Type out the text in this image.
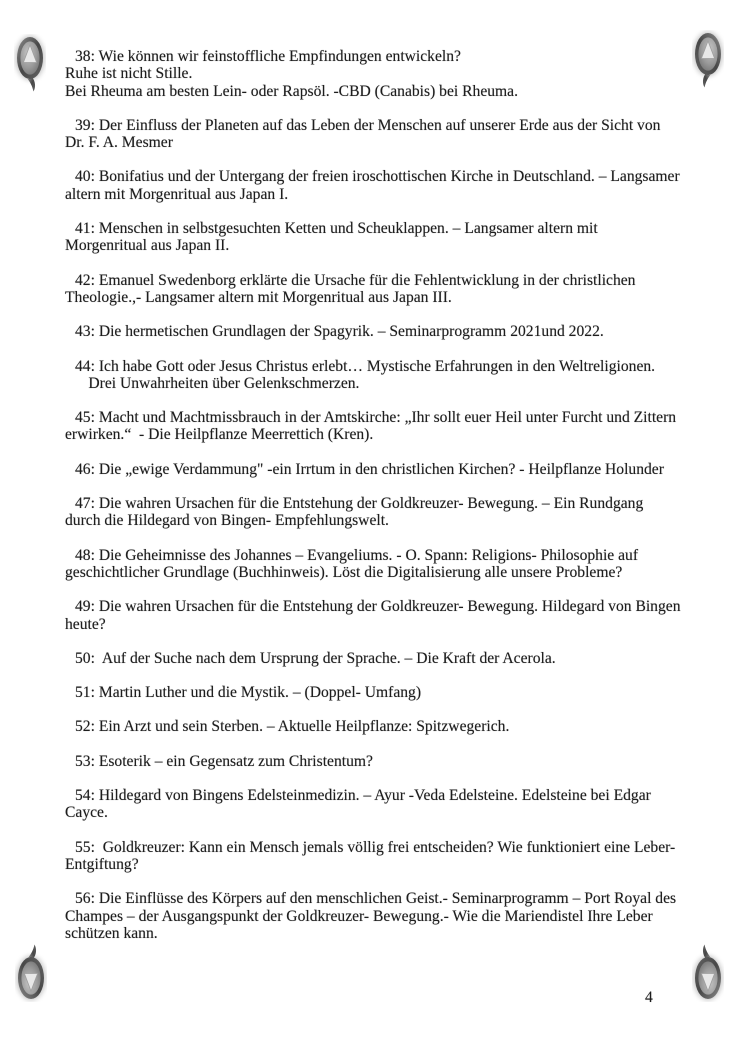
38: Wie können wir feinstoffliche Empfindungen entwickeln?
Ruhe ist nicht Stille.
Bei Rheuma am besten Lein- oder Rapsöl. -CBD (Canabis) bei Rheuma.

39: Der Einfluss der Planeten auf das Leben der Menschen auf unserer Erde aus der Sicht von
Dr. F. A. Mesmer

40: Bonifatius und der Untergang der freien iroschottischen Kirche in Deutschland. – Langsamer
altern mit Morgenritual aus Japan I.

41: Menschen in selbstgesuchten Ketten und Scheuklappen. – Langsamer altern mit
Morgenritual aus Japan II.

42: Emanuel Swedenborg erklärte die Ursache für die Fehlentwicklung in der christlichen
Theologie.,- Langsamer altern mit Morgenritual aus Japan III.

43: Die hermetischen Grundlagen der Spagyrik. – Seminarprogramm 2021und 2022.

44: Ich habe Gott oder Jesus Christus erlebt… Mystische Erfahrungen in den Weltreligionen.
Drei Unwahrheiten über Gelenkschmerzen.

45: Macht und Machtmissbrauch in der Amtskirche: „Ihr sollt euer Heil unter Furcht und Zittern
erwirken.“  - Die Heilpflanze Meerrettich (Kren).

46: Die „ewige Verdammung" -ein Irrtum in den christlichen Kirchen? - Heilpflanze Holunder

47: Die wahren Ursachen für die Entstehung der Goldkreuzer- Bewegung. – Ein Rundgang
durch die Hildegard von Bingen- Empfehlungswelt.

48: Die Geheimnisse des Johannes – Evangeliums. - O. Spann: Religions- Philosophie auf
geschichtlicher Grundlage (Buchhinweis). Löst die Digitalisierung alle unsere Probleme?

49: Die wahren Ursachen für die Entstehung der Goldkreuzer- Bewegung. Hildegard von Bingen
heute?

50:  Auf der Suche nach dem Ursprung der Sprache. – Die Kraft der Acerola.

51: Martin Luther und die Mystik. – (Doppel- Umfang)

52: Ein Arzt und sein Sterben. – Aktuelle Heilpflanze: Spitzwegerich.

53: Esoterik – ein Gegensatz zum Christentum?

54: Hildegard von Bingens Edelsteinmedizin. – Ayur -Veda Edelsteine. Edelsteine bei Edgar
Cayce.

55:  Goldkreuzer: Kann ein Mensch jemals völlig frei entscheiden? Wie funktioniert eine Leber-
Entgiftung?

56: Die Einflüsse des Körpers auf den menschlichen Geist.- Seminarprogramm – Port Royal des
Champes – der Ausgangspunkt der Goldkreuzer- Bewegung.- Wie die Mariendistel Ihre Leber
schützen kann.

4
